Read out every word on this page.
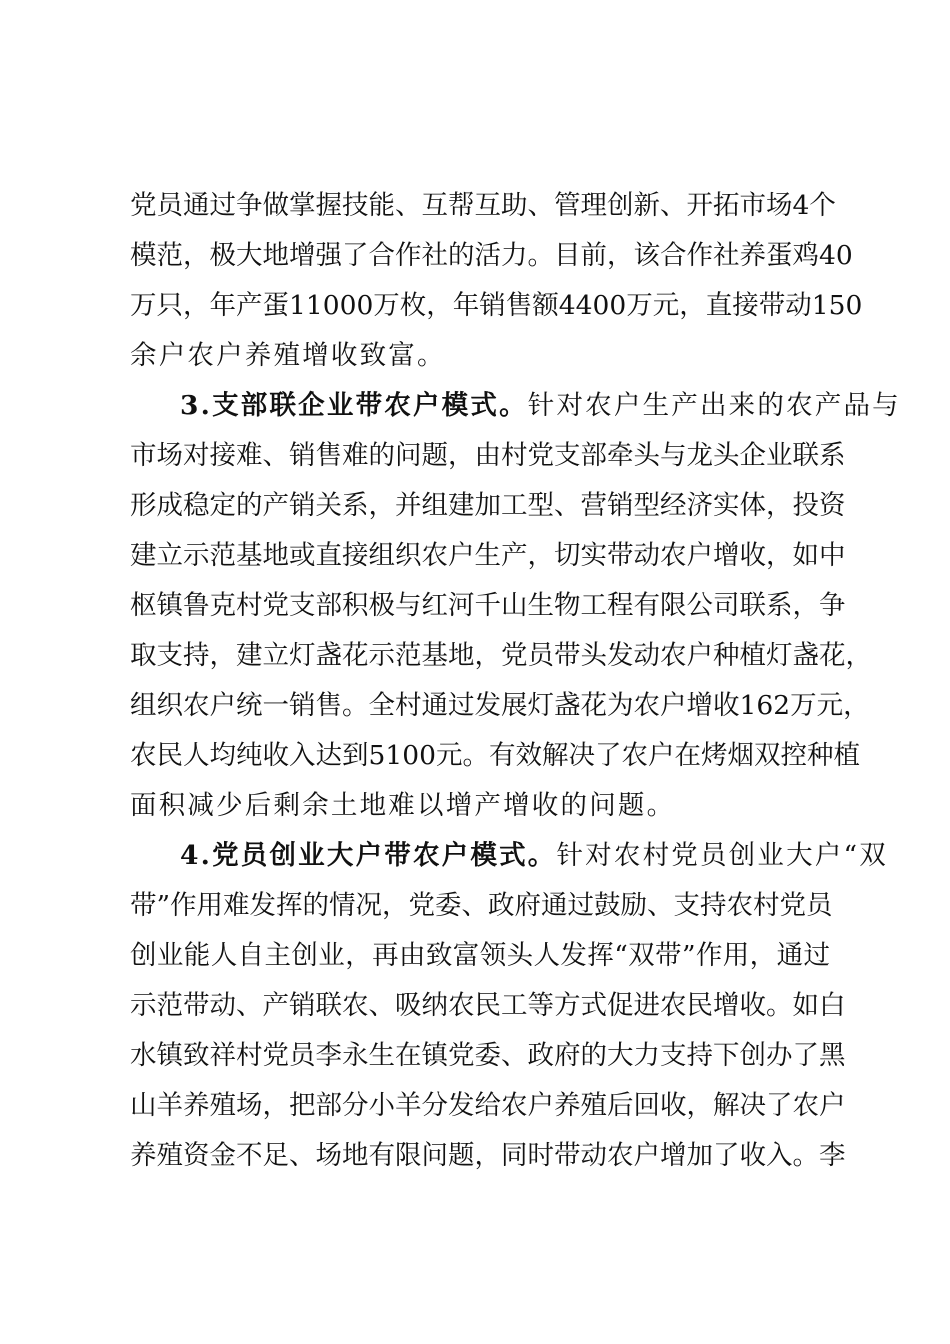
党员通过争做掌握技能、互帮互助、管理创新、开拓市场4个
模范，极大地增强了合作社的活力。目前，该合作社养蛋鸡40
万只，年产蛋11000万枚，年销售额4400万元，直接带动150
余户农户养殖增收致富。
3.支部联企业带农户模式。针对农户生产出来的农产品与
市场对接难、销售难的问题，由村党支部牵头与龙头企业联系
形成稳定的产销关系，并组建加工型、营销型经济实体，投资
建立示范基地或直接组织农户生产，切实带动农户增收，如中
枢镇鲁克村党支部积极与红河千山生物工程有限公司联系，争
取支持，建立灯盏花示范基地，党员带头发动农户种植灯盏花，
组织农户统一销售。全村通过发展灯盏花为农户增收162万元，
农民人均纯收入达到5100元。有效解决了农户在烤烟双控种植
面积减少后剩余土地难以增产增收的问题。
4.党员创业大户带农户模式。针对农村党员创业大户“双
带”作用难发挥的情况，党委、政府通过鼓励、支持农村党员
创业能人自主创业，再由致富领头人发挥“双带”作用，通过
示范带动、产销联农、吸纳农民工等方式促进农民增收。如白
水镇致祥村党员李永生在镇党委、政府的大力支持下创办了黑
山羊养殖场，把部分小羊分发给农户养殖后回收，解决了农户
养殖资金不足、场地有限问题，同时带动农户增加了收入。李
